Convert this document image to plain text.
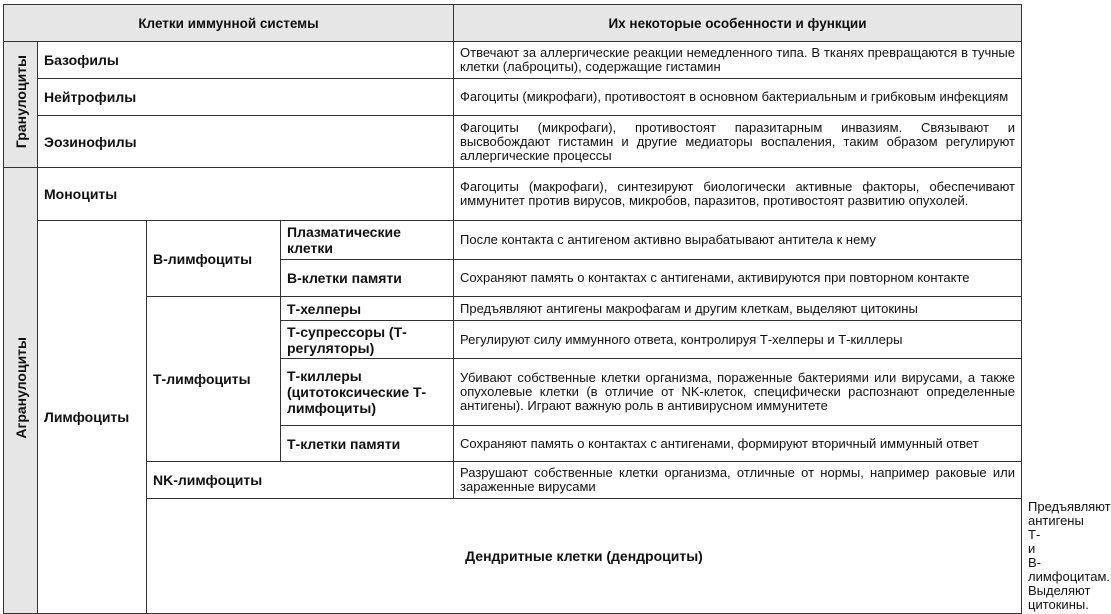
Клетки иммунной системы				Их некоторые особенности и функции	
Гранулоциты	Базофилы			Отвечают за аллергические реакции немедленного типа. В тканях превращаются в тучные клетки (лаброциты), содержащие гистамин	
	Нейтрофилы			Фагоциты (микрофаги), противостоят в основном бактериальным и грибковым инфекциям	
	Эозинофилы			Фагоциты (микрофаги), противостоят паразитарным инвазиям. Связывают и высвобождают гистамин и другие медиаторы воспаления, таким образом регулируют аллергические процессы	
Агранулоциты	Моноциты			Фагоциты (макрофаги), синтезируют биологически активные факторы, обеспечивают иммунитет против вирусов, микробов, паразитов, противостоят развитию опухолей.	
	Лимфоциты	В-лимфоциты	Плазматические клетки	После контакта с антигеном активно вырабатывают антитела к нему	
			В-клетки памяти	Сохраняют память о контактах с антигенами, активируются при повторном контакте	
		Т-лимфоциты	Т-хелперы	Предъявляют антигены макрофагам и другим клеткам, выделяют цитокины	
			Т-супрессоры (Т-регуляторы)	Регулируют силу иммунного ответа, контролируя Т-хелперы и Т-киллеры	
			Т-киллеры (цитотоксические Т-лимфоциты)	Убивают собственные клетки организма, пораженные бактериями или вирусами, а также опухолевые клетки (в отличие от NK-клеток, специфически распознают определенные антигены). Играют важную роль в антивирусном иммунитете	
			Т-клетки памяти	Сохраняют память о контактах с антигенами, формируют вторичный иммунный ответ	
		NK-лимфоциты		Разрушают собственные клетки организма, отличные от нормы, например раковые или зараженные вирусами	
		Дендритные клетки (дендроциты)			Предъявляют антигены Т- и В-лимфоцитам. Выделяют цитокины.
